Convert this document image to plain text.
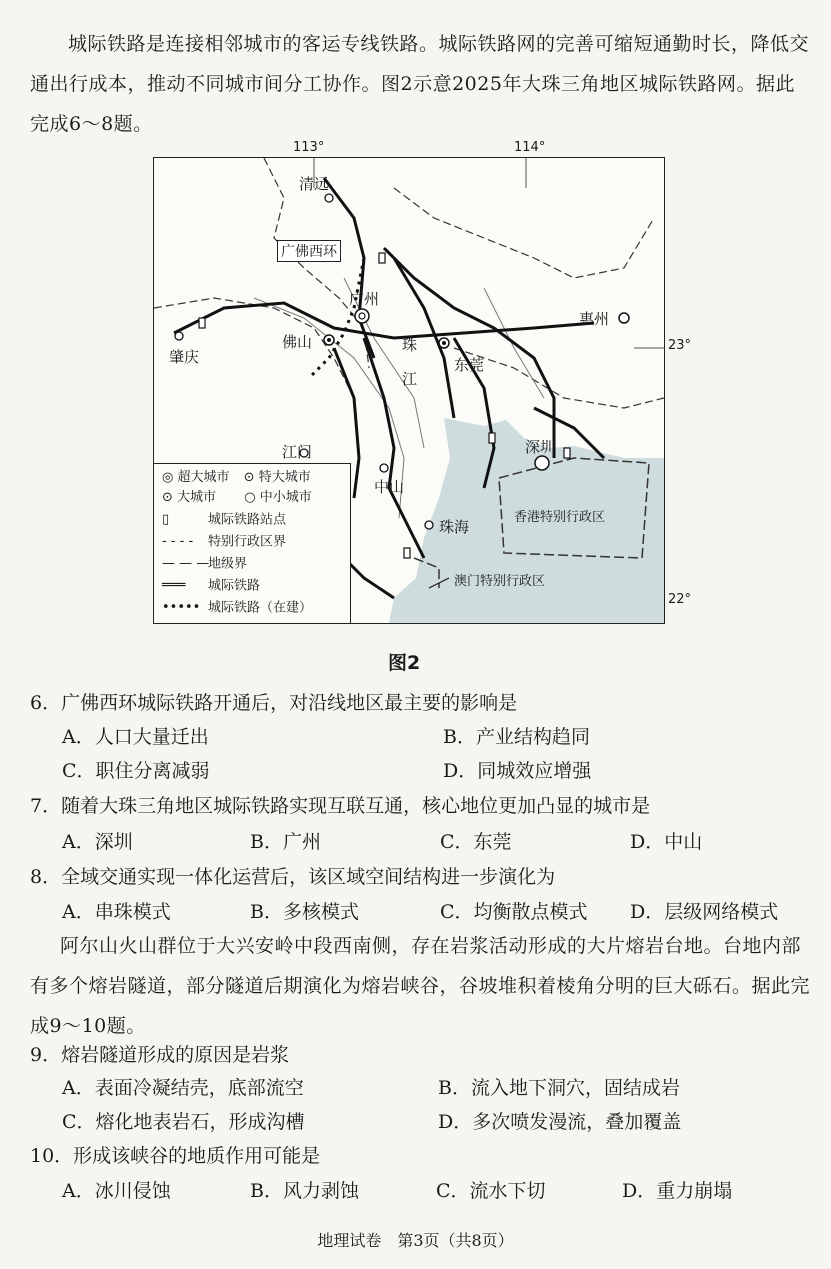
城际铁路是连接相邻城市的客运专线铁路。城际铁路网的完善可缩短通勤时长，降低交通出行成本，推动不同城市间分工协作。图2示意2025年大珠三角地区城际铁路网。据此完成6～8题。

113°	114°
23°
22°
清远
广佛西环
广州
佛山
肇庆
惠州
东莞
深圳
江门
中山
珠海
珠
江
香港特别行政区
澳门特别行政区
◎ 超大城市 ⊙ 特大城市
⊙ 大城市 ○ 中小城市
▯	城际铁路站点
- - - - 特别行政区界
— — —地级界
═══ 城际铁路
••••• 城际铁路（在建）
图2
6．广佛西环城际铁路开通后，对沿线地区最主要的影响是
A．人口大量迁出	B．产业结构趋同
C．职住分离减弱	D．同城效应增强
7．随着大珠三角地区城际铁路实现互联互通，核心地位更加凸显的城市是
A．深圳	B．广州	C．东莞	D．中山
8．全域交通实现一体化运营后，该区域空间结构进一步演化为
A．串珠模式	B．多核模式	C．均衡散点模式 D．层级网络模式

阿尔山火山群位于大兴安岭中段西南侧，存在岩浆活动形成的大片熔岩台地。台地内部有多个熔岩隧道，部分隧道后期演化为熔岩峡谷，谷坡堆积着棱角分明的巨大砾石。据此完成9～10题。

9．熔岩隧道形成的原因是岩浆
A．表面冷凝结壳，底部流空	B．流入地下洞穴，固结成岩
C．熔化地表岩石，形成沟槽	D．多次喷发漫流，叠加覆盖
10．形成该峡谷的地质作用可能是
A．冰川侵蚀	B．风力剥蚀	C．流水下切	D．重力崩塌
地理试卷　第3页（共8页）
